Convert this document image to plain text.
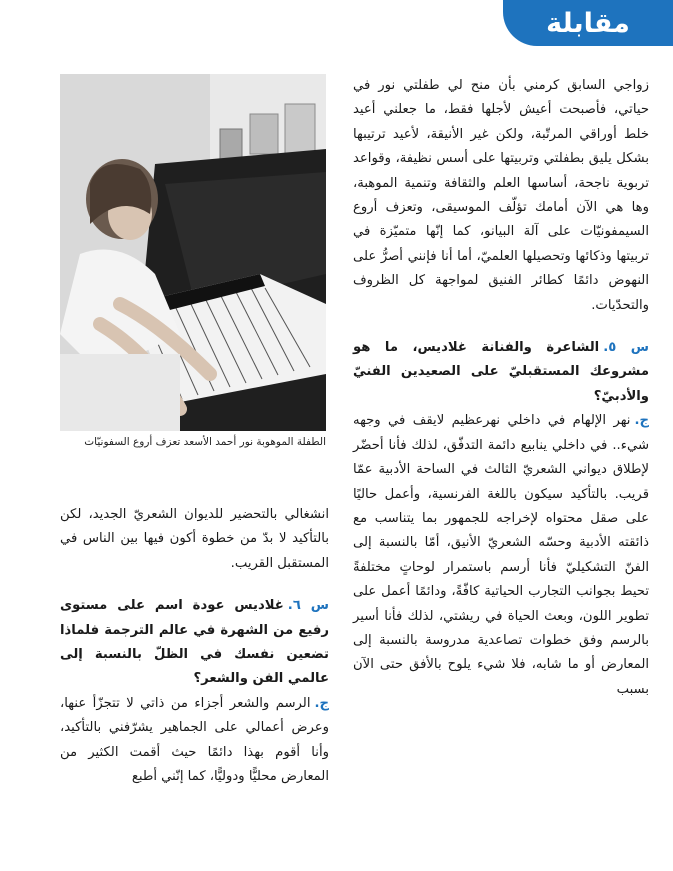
مقابلة
الطفلة الموهوبة نور أحمد الأسعد تعزف أروع السفونيّات

زواجي السابق كرمني بأن منح لي طفلتي نور في حياتي، فأصبحت أعيش لأجلها فقط، ما جعلني أعيد خلط أوراقي المرتّبة، ولكن غير الأنيقة، لأعيد ترتيبها بشكل يليق بطفلتي وتربيتها على أسس نظيفة، وقواعد تربوية ناجحة، أساسها العلم والثقافة وتنمية الموهبة، وها هي الآن أمامك تؤلّف الموسيقى، وتعزف أروع السيمفونيّات على آلة البيانو، كما إنّها متميّزة في تربيتها وذكائها وتحصيلها العلميّ، أما أنا فإنني أصرُّ على النهوض دائمًا كطائر الفنيق لمواجهة كل الظروف والتحدّيات.

س ٥.الشاعرة والفنانة غلاديس، ما هو مشروعك المستقبليّ على الصعيدين الفنيّ والأدبيّ؟

ج.نهر الإلهام في داخلي نهرعظيم لايقف في وجهه شيء.. في داخلي ينابيع دائمة التدفّق، لذلك فأنا أحضّر لإطلاق ديواني الشعريّ الثالث في الساحة الأدبية عمّا قريب. بالتأكيد سيكون باللغة الفرنسية، وأعمل حاليًا على صقل محتواه لإخراجه للجمهور بما يتناسب مع ذائقته الأدبية وحسّه الشعريّ الأنيق، أمّا بالنسبة إلى الفنّ التشكيليّ فأنا أرسم باستمرار لوحاتٍ مختلفةً تحيط بجوانب التجارب الحياتية كافّةً، ودائمًا أعمل على تطوير اللون، وبعث الحياة في ريشتي، لذلك فأنا أسير بالرسم وفق خطوات تصاعدية مدروسة بالنسبة إلى المعارض أو ما شابه، فلا شيء يلوح بالأفق حتى الآن بسبب

انشغالي بالتحضير للديوان الشعريّ الجديد، لكن بالتأكيد لا بدّ من خطوة أكون فيها بين الناس في المستقبل القريب.

س ٦.غلاديس عودة اسم على مستوى رفيع من الشهرة في عالم الترجمة فلماذا تضعين نفسك في الظلّ بالنسبة إلى عالمي الفن والشعر؟

ج.الرسم والشعر أجزاء من ذاتي لا تتجزّأ عنها، وعرض أعمالي على الجماهير يشرّفني بالتأكيد، وأنا أقوم بهذا دائمًا حيث أقمت الكثير من المعارض محليًّا ودوليًّا، كما إنّني أطبع
